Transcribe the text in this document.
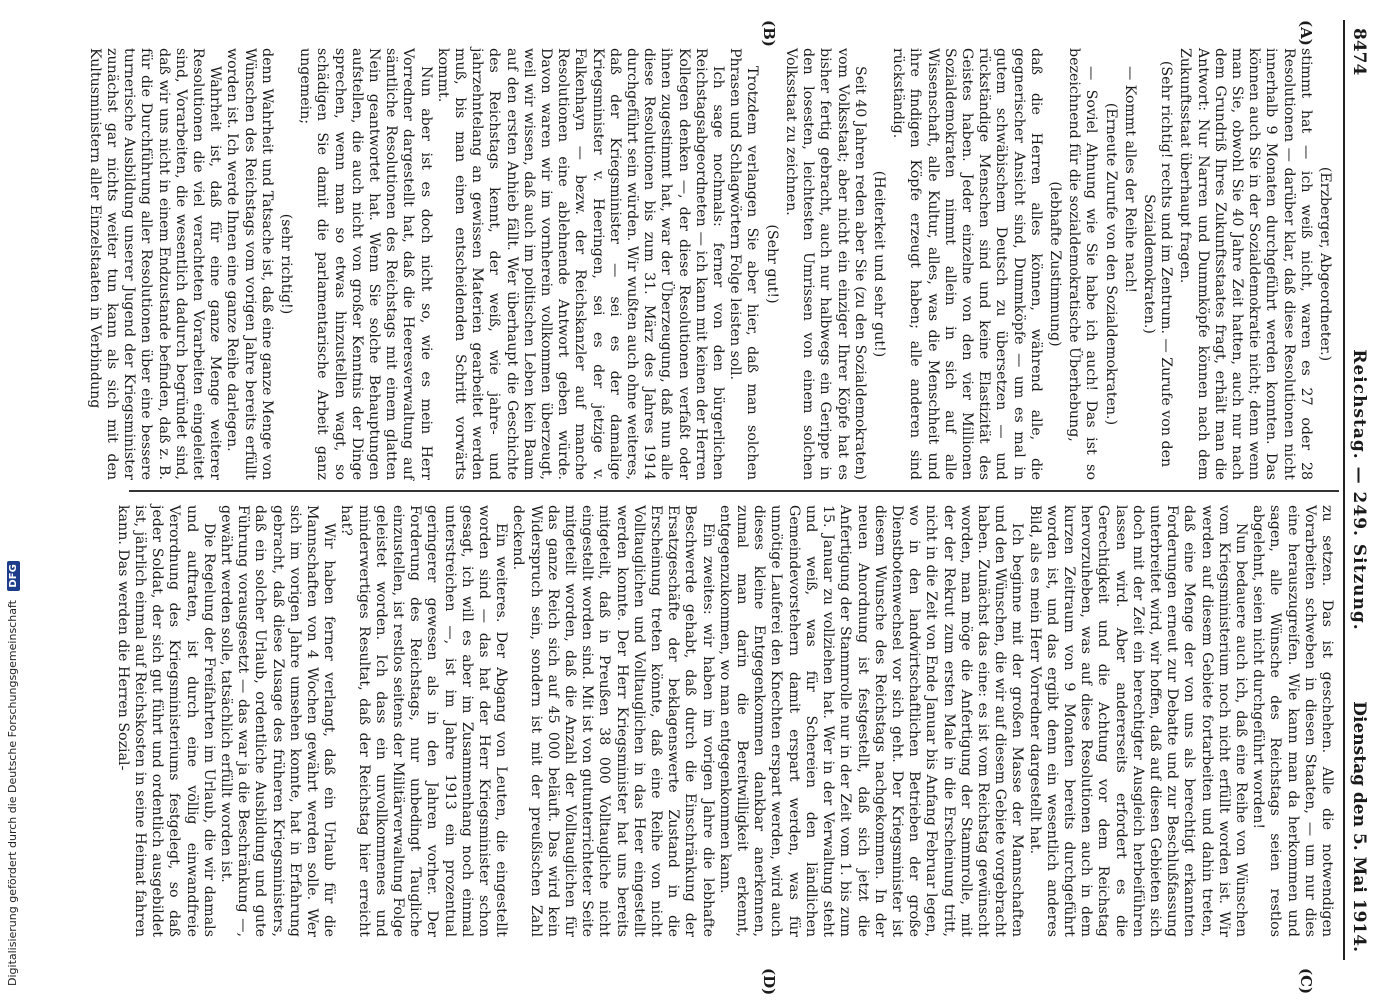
8474
Reichstag. — 249. Sitzung.
Dienstag den 5. Mai 1914.
(A)
(B)
(C)
(D)

(Erzberger, Abgeordneter.)

stimmt hat — ich weiß nicht, waren es 27 oder 28 Resolutionen — darüber klar, daß diese Resolutionen nicht innerhalb 9 Monaten durchgeführt werden konnten. Das können auch Sie in der Sozialdemokratie nicht; denn wenn man Sie, obwohl Sie 40 Jahre Zeit hatten, auch nur nach dem Grundriß Ihres Zukunftsstaates fragt, erhält man die Antwort: Nur Narren und Dummköpfe können nach dem Zukunftsstaat überhaupt fragen.

(Sehr richtig! rechts und im Zentrum. — Zurufe von den Sozialdemokraten.)

— Kommt alles der Reihe nach!

(Erneute Zurufe von den Sozialdemokraten.)

— Soviel Ahnung wie Sie habe ich auch! Das ist so bezeichnend für die sozialdemokratische Überhebung,

(lebhafte Zustimmung)

daß die Herren alles können, während alle, die gegnerischer Ansicht sind, Dummköpfe — um es mal in gutem schwäbischem Deutsch zu übersetzen — und rückständige Menschen sind und keine Elastizität des Geistes haben. Jeder einzelne von den vier Millionen Sozialdemokraten nimmt allein in sich auf alle Wissenschaft, alle Kultur, alles, was die Menschheit und ihre findigen Köpfe erzeugt haben; alle anderen sind rückständig.

(Heiterkeit und sehr gut!)

Seit 40 Jahren reden aber Sie (zu den Sozialdemokraten) vom Volksstaat; aber nicht ein einziger Ihrer Köpfe hat es bisher fertig gebracht, auch nur halbwegs ein Gerippe in den losesten, leichtesten Umrissen von einem solchen Volksstaat zu zeichnen.

(Sehr gut!)

Trotzdem verlangen Sie aber hier, daß man solchen Phrasen und Schlagwörtern Folge leisten soll.

Ich sage nochmals: ferner von den bürgerlichen Reichstagsabgeordneten — ich kann mit keinen der Herren Kollegen denken —, der diese Resolutionen verfaßt oder ihnen zugestimmt hat, war der Überzeugung, daß nun alle diese Resolutionen bis zum 31. März des Jahres 1914 durchgeführt sein würden. Wir wußten auch ohne weiteres, daß der Kriegsminister — sei es der damalige Kriegsminister v. Heeringen, sei es der jetzige v. Falkenhayn — bezw. der Reichskanzler auf manche Resolutionen eine ablehnende Antwort geben würde. Davon waren wir im vornherein vollkommen überzeugt, weil wir wissen, daß auch im politischen Leben kein Baum auf den ersten Anhieb fällt. Wer überhaupt die Geschichte des Reichstags kennt, der weiß, wie jahre- und jahrzehntelang an gewissen Materien gearbeitet werden muß, bis man einen entscheidenden Schritt vorwärts kommt.

Nun aber ist es doch nicht so, wie es mein Herr Vorredner dargestellt hat, daß die Heeresverwaltung auf sämtliche Resolutionen des Reichstags mit einem glatten Nein geantwortet hat. Wenn Sie solche Behauptungen aufstellen, die auch nicht von großer Kenntnis der Dinge sprechen, wenn man so etwas hinzustellen wagt, so schädigen Sie damit die parlamentarische Arbeit ganz ungemein;

(sehr richtig!)

denn Wahrheit und Tatsache ist, daß eine ganze Menge von Wünschen des Reichstags vom vorigen Jahre bereits erfüllt worden ist. Ich werde Ihnen eine ganze Reihe darlegen.

Wahrheit ist, daß für eine ganze Menge weiterer Resolutionen die viel verachteten Vorarbeiten eingeleitet sind, Vorarbeiten, die wesentlich dadurch begründet sind, daß wir uns nicht in einem Endzustande befinden, daß z. B. für die Durchführung aller Resolutionen über eine bessere turnerische Ausbildung unserer Jugend der Kriegsminister zunächst gar nichts weiter tun kann als sich mit den Kultusministern aller Einzelstaaten in Verbindung

zu setzen. Das ist geschehen. Alle die notwendigen Vorarbeiten schweben in diesen Staaten, — um nur dies eine herauszugreifen. Wie kann man da herkommen und sagen, alle Wünsche des Reichstags seien restlos abgelehnt, seien nicht durchgeführt worden!

Nun bedauere auch ich, daß eine Reihe von Wünschen vom Kriegsministerium noch nicht erfüllt worden ist. Wir werden auf diesem Gebiete fortarbeiten und dahin treten, daß eine Menge der von uns als berechtigt erkannten Forderungen erneut zur Debatte und zur Beschlußfassung unterbreitet wird, wir hoffen, daß auf diesen Gebieten sich doch mit der Zeit ein berechtigter Ausgleich herbeiführen lassen wird. Aber andererseits erfordert es die Gerechtigkeit und die Achtung vor dem Reichstag hervorzuheben, was auf diese Resolutionen auch in dem kurzen Zeitraum von 9 Monaten bereits durchgeführt worden ist, und das ergibt denn ein wesentlich anderes Bild, als es mein Herr Vorredner dargestellt hat.

Ich beginne mit der großen Masse der Mannschaften und den Wünschen, die wir auf diesem Gebiete vorgebracht haben. Zunächst das eine: es ist vom Reichstag gewünscht worden, man möge die Anfertigung der Stammrolle, mit der der Rekrut zum ersten Male in die Erscheinung tritt, nicht in die Zeit von Ende Januar bis Anfang Februar legen, wo in den landwirtschaftlichen Betrieben der große Dienstbotenwechsel vor sich geht. Der Kriegsminister ist diesem Wunsche des Reichstags nachgekommen. In der neuen Anordnung ist festgestellt, daß sich jetzt die Anfertigung der Stammrolle nur in der Zeit vom 1. bis zum 15. Januar zu vollziehen hat. Wer in der Verwaltung steht und weiß, was für Schereien den ländlichen Gemeindevorstehern damit erspart werden, was für unnötige Lauferei den Knechten erspart werden, wird auch dieses kleine Entgegenkommen dankbar anerkennen, zumal man darin die Bereitwilligkeit erkennt, entgegenzukommen, wo man entgegenkommen kann.

Ein zweites: wir haben im vorigen Jahre die lebhafte Beschwerde gehabt, daß durch die Einschränkung der Ersatzgeschäfte der beklagenswerte Zustand in die Erscheinung treten könnte, daß eine Reihe von nicht Volltauglichen und Volltauglichen in das Heer eingestellt werden konnte. Der Herr Kriegsminister hat uns bereits mitgeteilt, daß in Preußen 38 000 Volltaugliche nicht eingestellt worden sind. Mit ist von gutunterrichteter Seite mitgeteilt worden, daß die Anzahl der Volltauglichen für das ganze Reich sich auf 45 000 beläuft. Das wird kein Widerspruch sein, sondern ist mit der preußischen Zahl deckend.

Ein weiteres. Der Abgang von Leuten, die eingestellt worden sind — das hat der Herr Kriegsminister schon gesagt, ich will es aber im Zusammenhang noch einmal unterstreichen —, ist im Jahre 1913 ein prozentual geringerer gewesen als in den Jahren vorher. Der Forderung des Reichstags, nur unbedingt Taugliche einzustellen, ist restlos seitens der Militärverwaltung Folge geleistet worden. Ich dass ein unvollkommenes und minderwertiges Resultat, daß der Reichstag hier erreicht hat?

Wir haben ferner verlangt, daß ein Urlaub für die Mannschaften von 4 Wochen gewährt werden solle. Wer sich im vorigen Jahre umsehen konnte, hat in Erfahrung gebracht, daß diese Zusage des früheren Kriegsministers, daß ein solcher Urlaub, ordentliche Ausbildung und gute Führung vorausgesetzt — das war ja die Beschränkung —, gewährt werden solle, tatsächlich erfüllt worden ist.

Die Regelung der Freifahrten im Urlaub, die wir damals und auftraten, ist durch eine völlig einwandfreie Verordnung des Kriegsministeriums festgelegt, so daß jeder Soldat, der sich gut führt und ordentlich ausgebildet ist, jährlich einmal auf Reichskosten in seine Heimat fahren kann. Das werden die Herren Sozial-

Digitalisierung gefördert durch die Deutsche Forschungsgemeinschaft DFG
